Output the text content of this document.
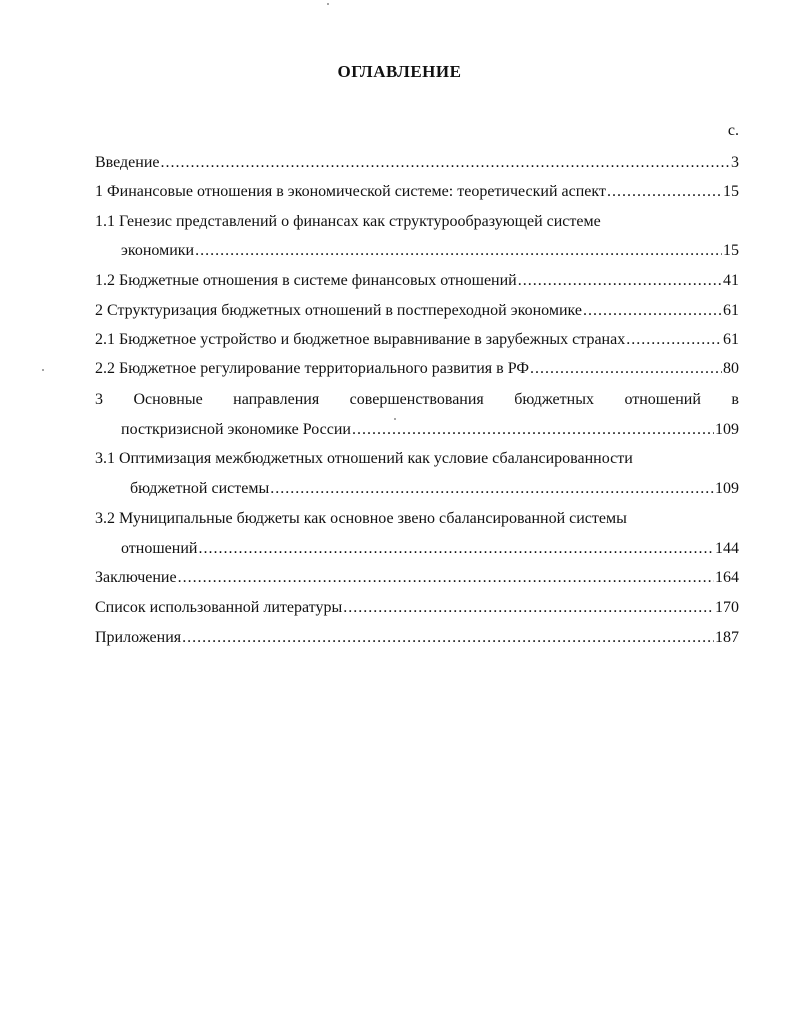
ОГЛАВЛЕНИЕ
с.
Введение .....	3
1 Финансовые отношения в экономической системе: теоретический аспект .....	15
1.1 Генезис представлений о финансах как структурообразующей системе
экономики .....	15
1.2 Бюджетные отношения в системе финансовых отношений .....	41
2 Структуризация бюджетных отношений в постпереходной экономике .....	61
2.1 Бюджетное устройство и бюджетное выравнивание в зарубежных странах .....	61
2.2 Бюджетное регулирование территориального развития в РФ .....	80
3 Основные направления совершенствования бюджетных отношений в
посткризисной экономике России .....	109
3.1 Оптимизация межбюджетных отношений как условие сбалансированности
бюджетной системы .....	109
3.2 Муниципальные бюджеты как основное звено сбалансированной системы
отношений .....	144
Заключение .....	164
Список использованной литературы .....	170
Приложения .....	187
